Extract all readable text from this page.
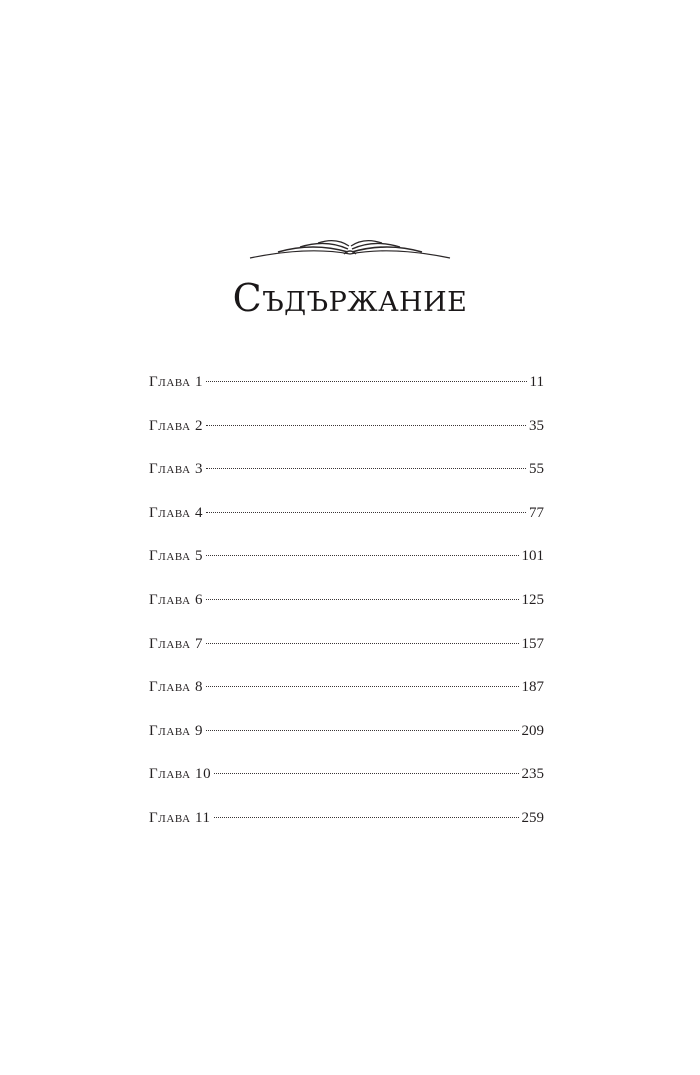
Съдържание
Глава 1	11
Глава 2	35
Глава 3	55
Глава 4	77
Глава 5	101
Глава 6	125
Глава 7	157
Глава 8	187
Глава 9	209
Глава 10	235
Глава 11	259
